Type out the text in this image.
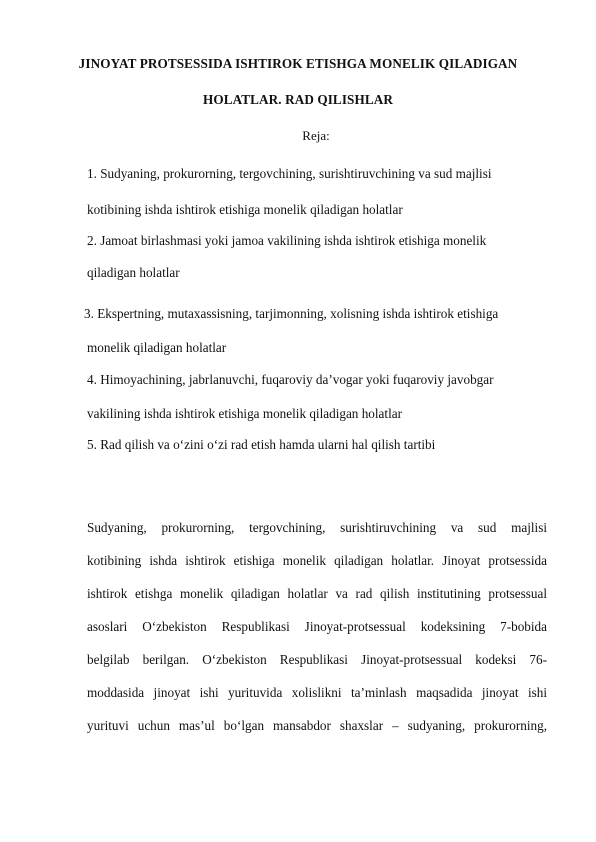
JINOYAT PROTSESSIDA ISHTIROK ETISHGA MONELIK QILADIGAN
HOLATLAR. RAD QILISHLAR
Reja:
1. Sudyaning, prokurorning, tergovchining, surishtiruvchining va sud majlisi
kotibining ishda ishtirok etishiga monelik qiladigan holatlar
2. Jamoat birlashmasi yoki jamoa vakilining ishda ishtirok etishiga monelik
qiladigan holatlar
3. Ekspertning, mutaxassisning, tarjimonning, xolisning ishda ishtirok etishiga
monelik qiladigan holatlar
4. Himoyachining, jabrlanuvchi, fuqaroviy da’vogar yoki fuqaroviy javobgar
vakilining ishda ishtirok etishiga monelik qiladigan holatlar
5. Rad qilish va o‘zini o‘zi rad etish hamda ularni hal qilish tartibi
Sudyaning, prokurorning, tergovchining, surishtiruvchining va sud majlisi
kotibining ishda ishtirok etishiga monelik qiladigan holatlar. Jinoyat protsessida
ishtirok etishga monelik qiladigan holatlar va rad qilish institutining protsessual
asoslari O‘zbekiston Respublikasi Jinoyat-protsessual kodeksining 7-bobida
belgilab berilgan. O‘zbekiston Respublikasi Jinoyat-protsessual kodeksi 76-
moddasida jinoyat ishi yurituvida xolislikni ta’minlash maqsadida jinoyat ishi
yurituvi uchun mas’ul bo‘lgan mansabdor shaxslar – sudyaning, prokurorning,
